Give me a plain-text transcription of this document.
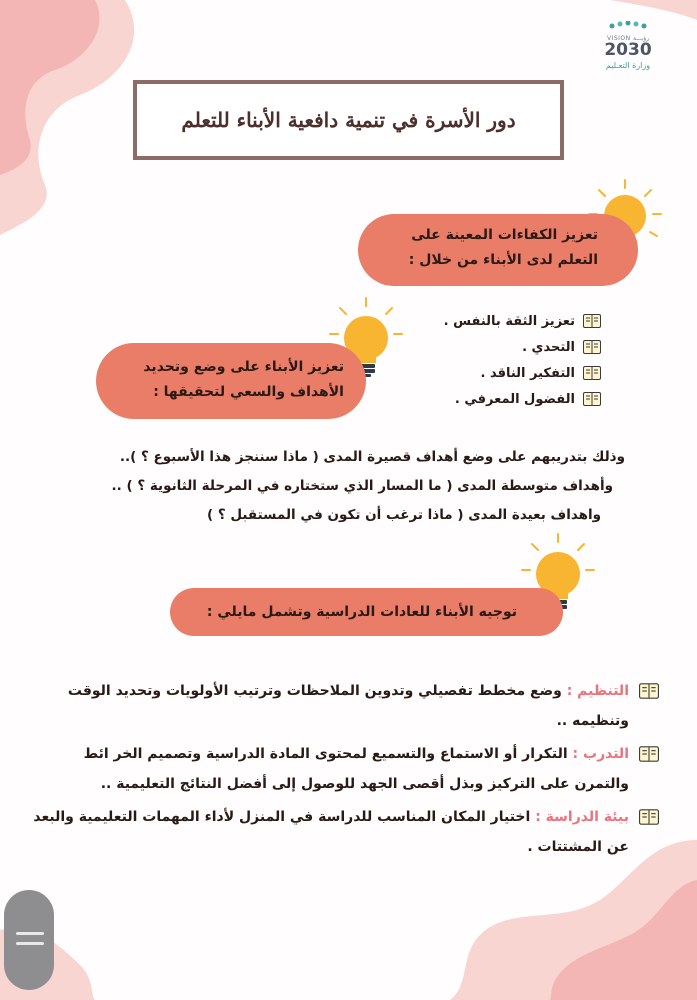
VISION رؤيـــة
2030
وزارة التعـليم
دور الأسرة في تنمية دافعية الأبناء للتعلم
تعزيز الكفاءات المعينة على
التعلم لدى الأبناء من خلال :
تعزيز الثقة بالنفس .
التحدي .
التفكير الناقد .
الفضول المعرفي .
تعزيز الأبناء على وضع وتحديد
الأهداف والسعي لتحقيقها :
وذلك بتدريبهم على وضع أهداف قصيرة المدى ( ماذا سننجز هذا الأسبوع ؟ )..
وأهداف متوسطة المدى ( ما المسار الذي ستختاره في المرحلة الثانوية ؟ ) ..
واهداف بعيدة المدى ( ماذا ترغب أن تكون في المستقبل ؟ )
توجيه الأبناء للعادات الدراسية وتشمل مايلي :
التنظيم : وضع مخطط تفصيلي وتدوين الملاحظات وترتيب الأولويات وتحديد الوقت وتنظيمه ..
التدرب : التكرار أو الاستماع والتسميع لمحتوى المادة الدراسية وتصميم الخر ائط والتمرن على التركيز وبذل أقصى الجهد للوصول إلى أفضل النتائج التعليمية ..
بيئة الدراسة : اختيار المكان المناسب للدراسة في المنزل لأداء المهمات التعليمية والبعد عن المشتتات .
